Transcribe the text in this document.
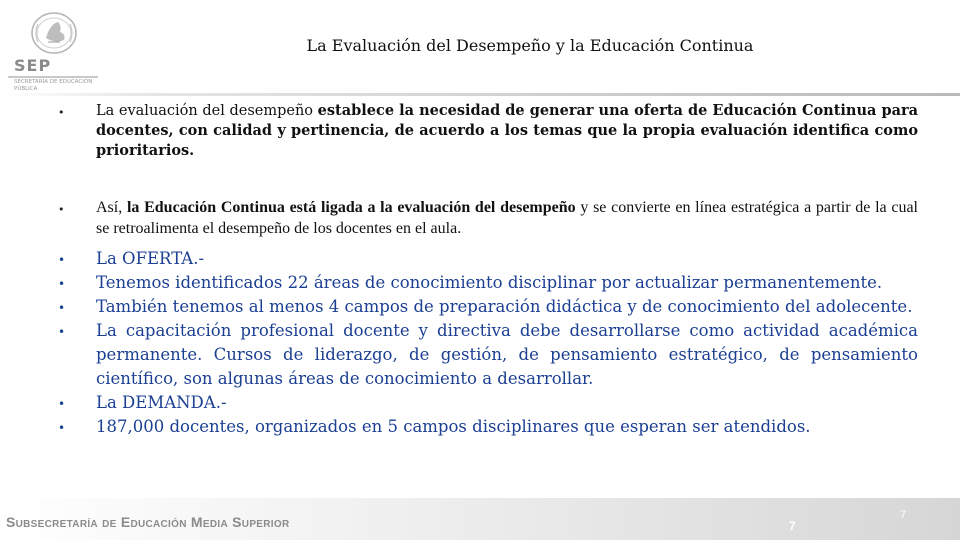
SEP
SECRETARÍA DE EDUCACIÓN PÚBLICA
La Evaluación del Desempeño y la Educación Continua
• La evaluación del desempeño establece la necesidad de generar una oferta de Educación Continua para docentes, con calidad y pertinencia, de acuerdo a los temas que la propia evaluación identifica como prioritarios.
• Así, la Educación Continua está ligada a la evaluación del desempeño y se convierte en línea estratégica a partir de la cual se retroalimenta el desempeño de los docentes en el aula.
• La OFERTA.-
• Tenemos identificados 22 áreas de conocimiento disciplinar por actualizar permanentemente.
• También tenemos al menos 4 campos de preparación didáctica y de conocimiento del adolecente.
• La capacitación profesional docente y directiva debe desarrollarse como actividad académica permanente. Cursos de liderazgo, de gestión, de pensamiento estratégico, de pensamiento científico, son algunas áreas de conocimiento a desarrollar.
• La DEMANDA.-
• 187,000 docentes, organizados en 5 campos disciplinares que esperan ser atendidos.
Subsecretaría de Educación Media Superior	7
7
